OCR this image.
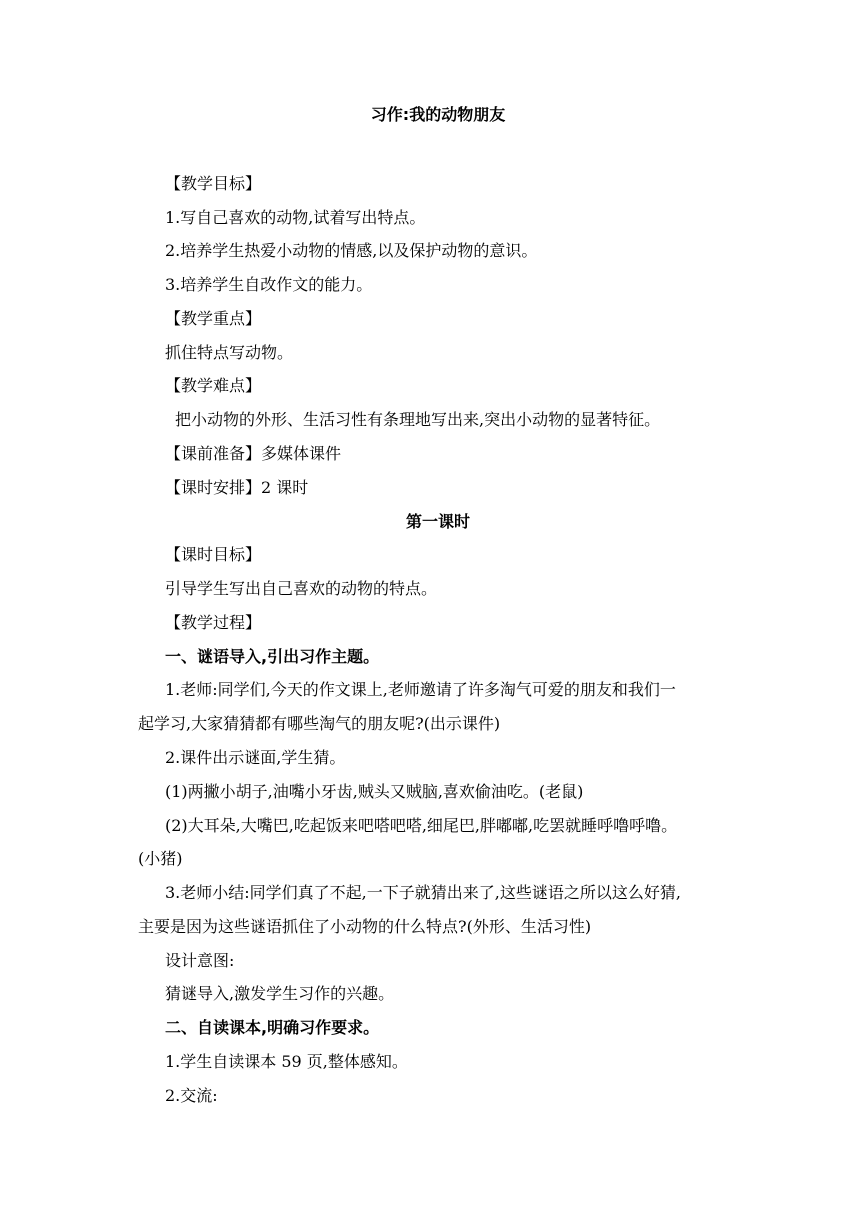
习作:我的动物朋友
【教学目标】
1.写自己喜欢的动物,试着写出特点。
2.培养学生热爱小动物的情感,以及保护动物的意识。
3.培养学生自改作文的能力。
【教学重点】
抓住特点写动物。
【教学难点】
把小动物的外形、生活习性有条理地写出来,突出小动物的显著特征。
【课前准备】多媒体课件
【课时安排】2 课时
第一课时
【课时目标】
引导学生写出自己喜欢的动物的特点。
【教学过程】
一、谜语导入,引出习作主题。
1.老师:同学们,今天的作文课上,老师邀请了许多淘气可爱的朋友和我们一
起学习,大家猜猜都有哪些淘气的朋友呢?(出示课件)
2.课件出示谜面,学生猜。
(1)两撇小胡子,油嘴小牙齿,贼头又贼脑,喜欢偷油吃。(老鼠)
(2)大耳朵,大嘴巴,吃起饭来吧嗒吧嗒,细尾巴,胖嘟嘟,吃罢就睡呼噜呼噜。
(小猪)
3.老师小结:同学们真了不起,一下子就猜出来了,这些谜语之所以这么好猜,
主要是因为这些谜语抓住了小动物的什么特点?(外形、生活习性)
设计意图:
猜谜导入,激发学生习作的兴趣。
二、自读课本,明确习作要求。
1.学生自读课本 59 页,整体感知。
2.交流:
